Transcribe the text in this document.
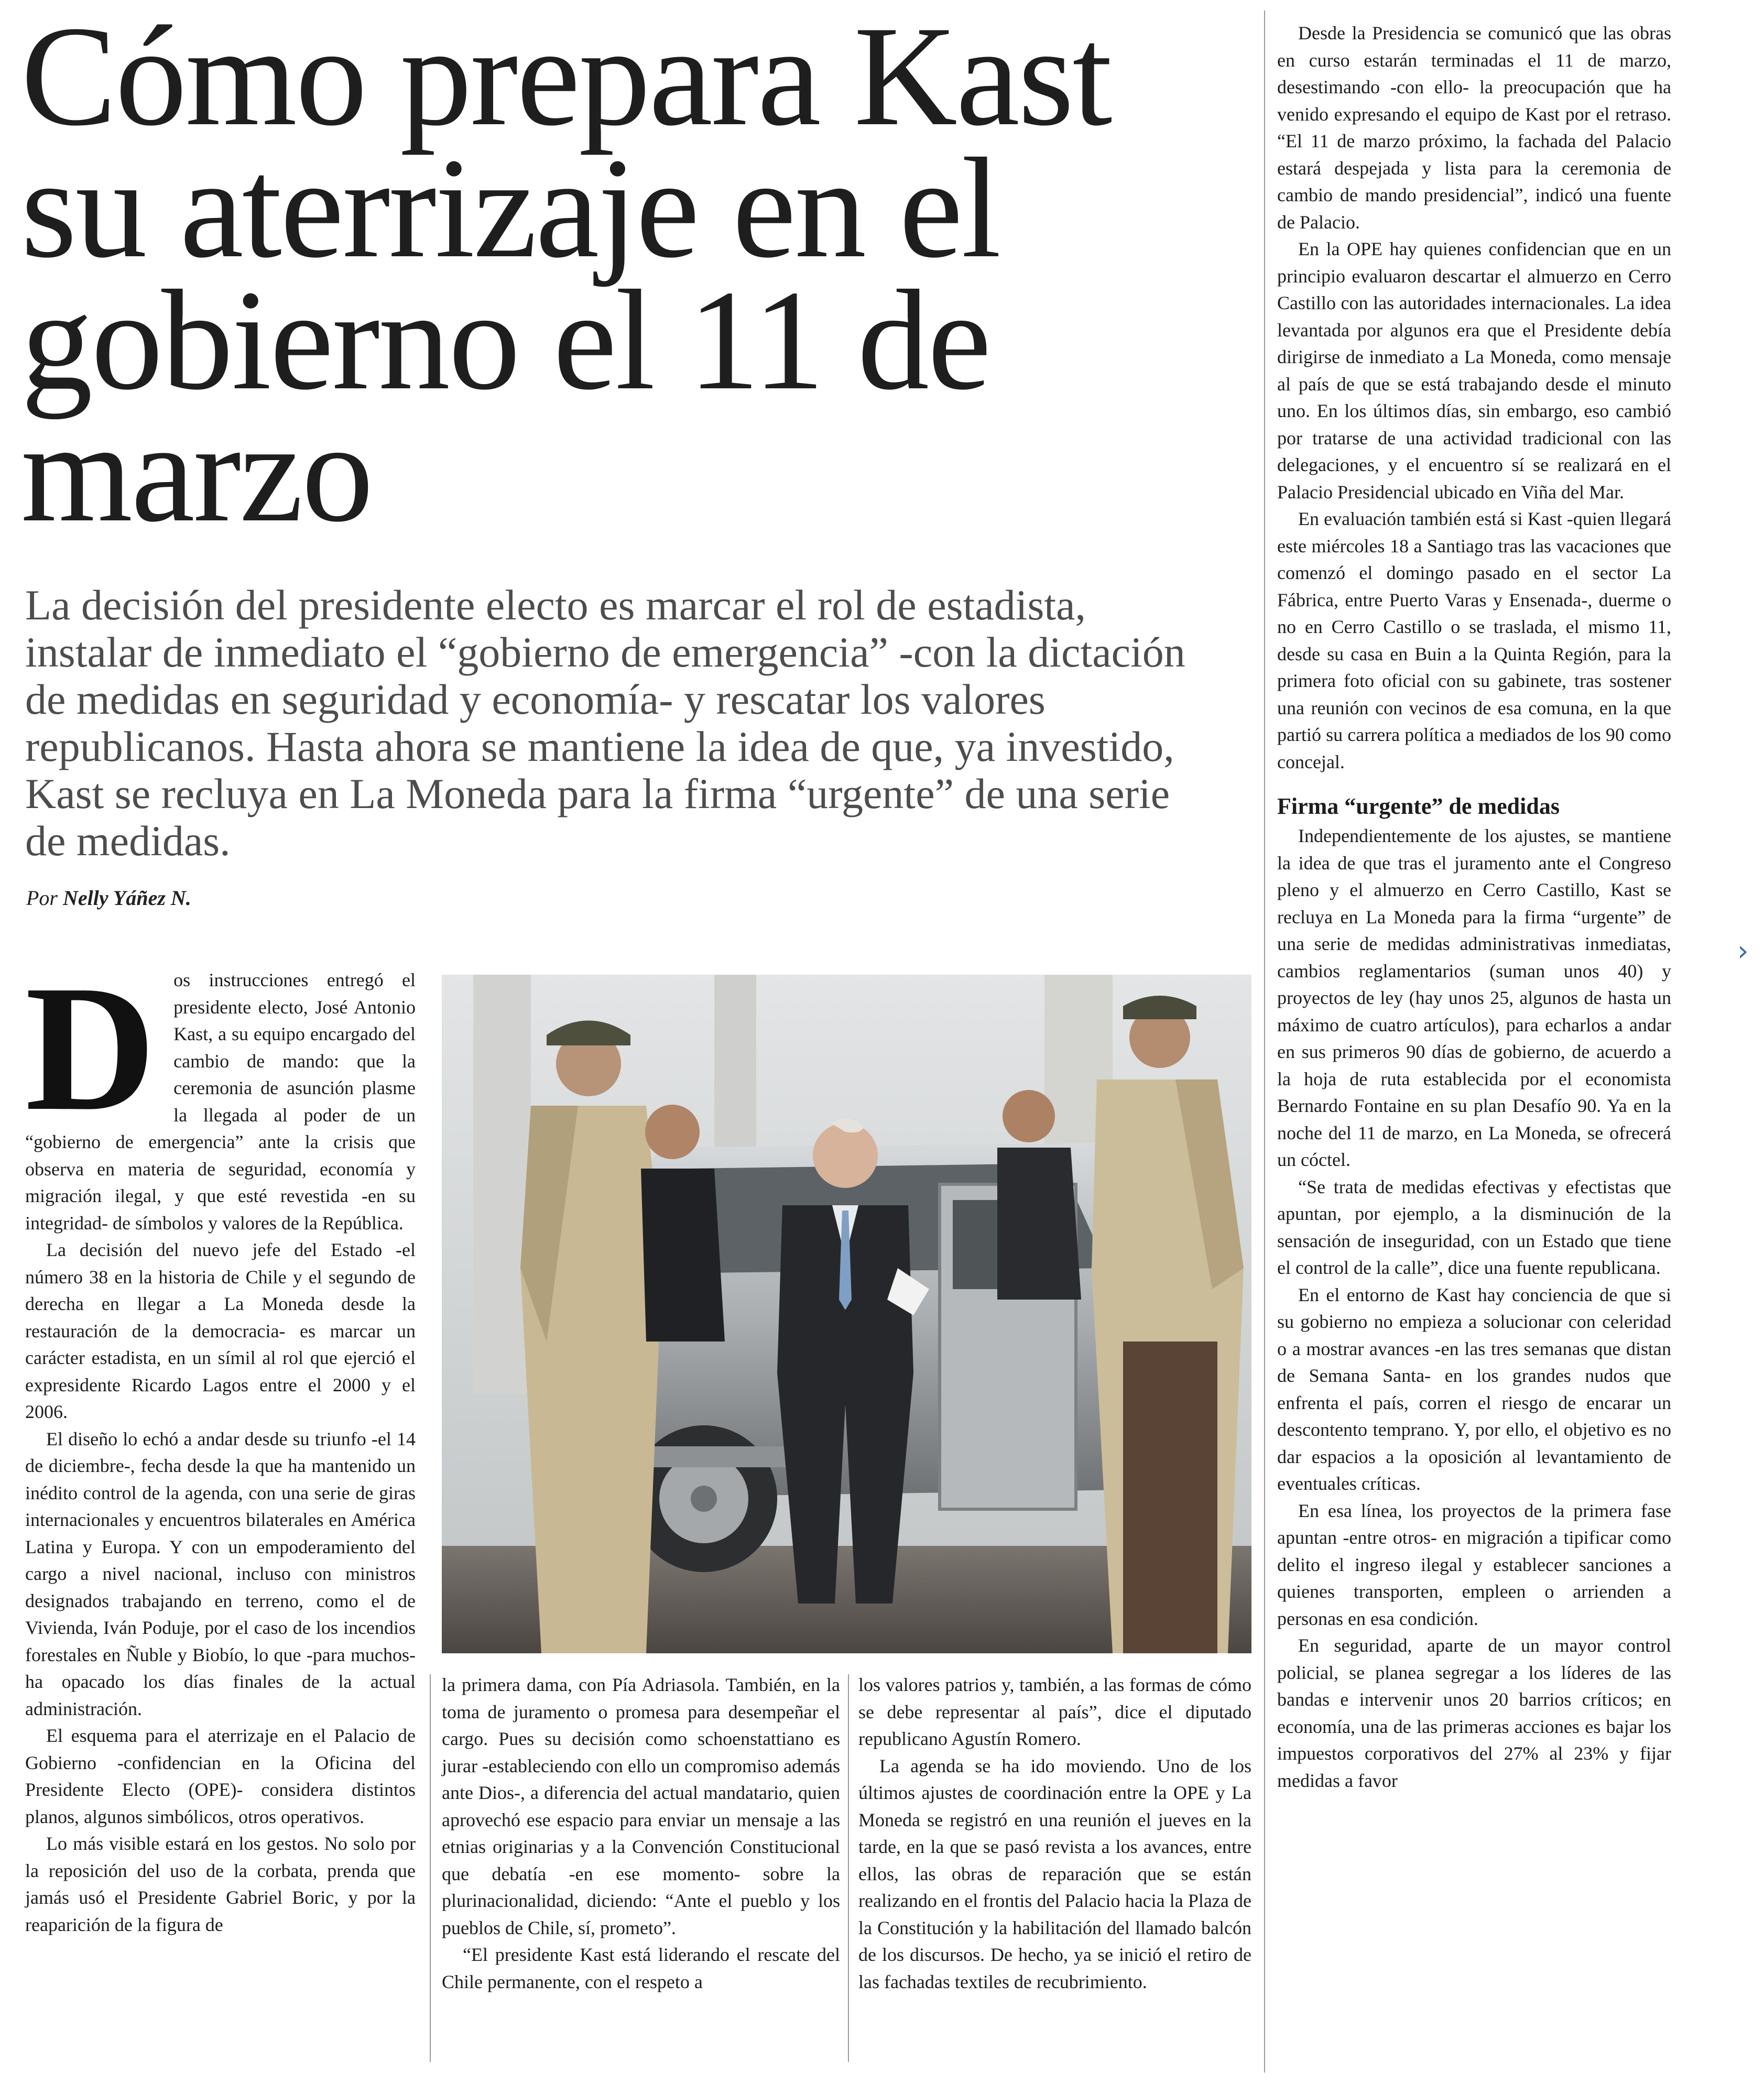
Cómo prepara Kast su aterrizaje en el gobierno el 11 de marzo

La decisión del presidente electo es marcar el rol de estadista, instalar de inmediato el “gobierno de emergencia” -con la dictación de medidas en seguridad y economía- y rescatar los valores republicanos. Hasta ahora se mantiene la idea de que, ya investido, Kast se recluya en La Moneda para la firma “urgente” de una serie de medidas.

Por Nelly Yáñez N.

Dos instrucciones entregó el presidente electo, José Antonio Kast, a su equipo encargado del cambio de mando: que la ceremonia de asunción plasme la llegada al poder de un “gobierno de emergencia” ante la crisis que observa en materia de seguridad, economía y migración ilegal, y que esté revestida -en su integridad- de símbolos y valores de la República.

La decisión del nuevo jefe del Estado -el número 38 en la historia de Chile y el segundo de derecha en llegar a La Moneda desde la restauración de la democracia- es marcar un carácter estadista, en un símil al rol que ejerció el expresidente Ricardo Lagos entre el 2000 y el 2006.

El diseño lo echó a andar desde su triunfo -el 14 de diciembre-, fecha desde la que ha mantenido un inédito control de la agenda, con una serie de giras internacionales y encuentros bilaterales en América Latina y Europa. Y con un empoderamiento del cargo a nivel nacional, incluso con ministros designados trabajando en terreno, como el de Vivienda, Iván Poduje, por el caso de los incendios forestales en Ñuble y Biobío, lo que -para muchos- ha opacado los días finales de la actual administración.

El esquema para el aterrizaje en el Palacio de Gobierno -confidencian en la Oficina del Presidente Electo (OPE)- considera distintos planos, algunos simbólicos, otros operativos.

Lo más visible estará en los gestos. No solo por la reposición del uso de la corbata, prenda que jamás usó el Presidente Gabriel Boric, y por la reaparición de la figura de

la primera dama, con Pía Adriasola. También, en la toma de juramento o promesa para desempeñar el cargo. Pues su decisión como schoenstattiano es jurar -estableciendo con ello un compromiso además ante Dios-, a diferencia del actual mandatario, quien aprovechó ese espacio para enviar un mensaje a las etnias originarias y a la Convención Constitucional que debatía -en ese momento- sobre la plurinacionalidad, diciendo: “Ante el pueblo y los pueblos de Chile, sí, prometo”.

“El presidente Kast está liderando el rescate del Chile permanente, con el respeto a

los valores patrios y, también, a las formas de cómo se debe representar al país”, dice el diputado republicano Agustín Romero.

La agenda se ha ido moviendo. Uno de los últimos ajustes de coordinación entre la OPE y La Moneda se registró en una reunión el jueves en la tarde, en la que se pasó revista a los avances, entre ellos, las obras de reparación que se están realizando en el frontis del Palacio hacia la Plaza de la Constitución y la habilitación del llamado balcón de los discursos. De hecho, ya se inició el retiro de las fachadas textiles de recubrimiento.

Desde la Presidencia se comunicó que las obras en curso estarán terminadas el 11 de marzo, desestimando -con ello- la preocupación que ha venido expresando el equipo de Kast por el retraso. “El 11 de marzo próximo, la fachada del Palacio estará despejada y lista para la ceremonia de cambio de mando presidencial”, indicó una fuente de Palacio.

En la OPE hay quienes confidencian que en un principio evaluaron descartar el almuerzo en Cerro Castillo con las autoridades internacionales. La idea levantada por algunos era que el Presidente debía dirigirse de inmediato a La Moneda, como mensaje al país de que se está trabajando desde el minuto uno. En los últimos días, sin embargo, eso cambió por tratarse de una actividad tradicional con las delegaciones, y el encuentro sí se realizará en el Palacio Presidencial ubicado en Viña del Mar.

En evaluación también está si Kast -quien llegará este miércoles 18 a Santiago tras las vacaciones que comenzó el domingo pasado en el sector La Fábrica, entre Puerto Varas y Ensenada-, duerme o no en Cerro Castillo o se traslada, el mismo 11, desde su casa en Buin a la Quinta Región, para la primera foto oficial con su gabinete, tras sostener una reunión con vecinos de esa comuna, en la que partió su carrera política a mediados de los 90 como concejal.

Firma “urgente” de medidas

Independientemente de los ajustes, se mantiene la idea de que tras el juramento ante el Congreso pleno y el almuerzo en Cerro Castillo, Kast se recluya en La Moneda para la firma “urgente” de una serie de medidas administrativas inmediatas, cambios reglamentarios (suman unos 40) y proyectos de ley (hay unos 25, algunos de hasta un máximo de cuatro artículos), para echarlos a andar en sus primeros 90 días de gobierno, de acuerdo a la hoja de ruta establecida por el economista Bernardo Fontaine en su plan Desafío 90. Ya en la noche del 11 de marzo, en La Moneda, se ofrecerá un cóctel.

“Se trata de medidas efectivas y efectistas que apuntan, por ejemplo, a la disminución de la sensación de inseguridad, con un Estado que tiene el control de la calle”, dice una fuente republicana.

En el entorno de Kast hay conciencia de que si su gobierno no empieza a solucionar con celeridad o a mostrar avances -en las tres semanas que distan de Semana Santa- en los grandes nudos que enfrenta el país, corren el riesgo de encarar un descontento temprano. Y, por ello, el objetivo es no dar espacios a la oposición al levantamiento de eventuales críticas.

En esa línea, los proyectos de la primera fase apuntan -entre otros- en migración a tipificar como delito el ingreso ilegal y establecer sanciones a quienes transporten, empleen o arrienden a personas en esa condición.

En seguridad, aparte de un mayor control policial, se planea segregar a los líderes de las bandas e intervenir unos 20 barrios críticos; en economía, una de las primeras acciones es bajar los impuestos corporativos del 27% al 23% y fijar medidas a favor

›
